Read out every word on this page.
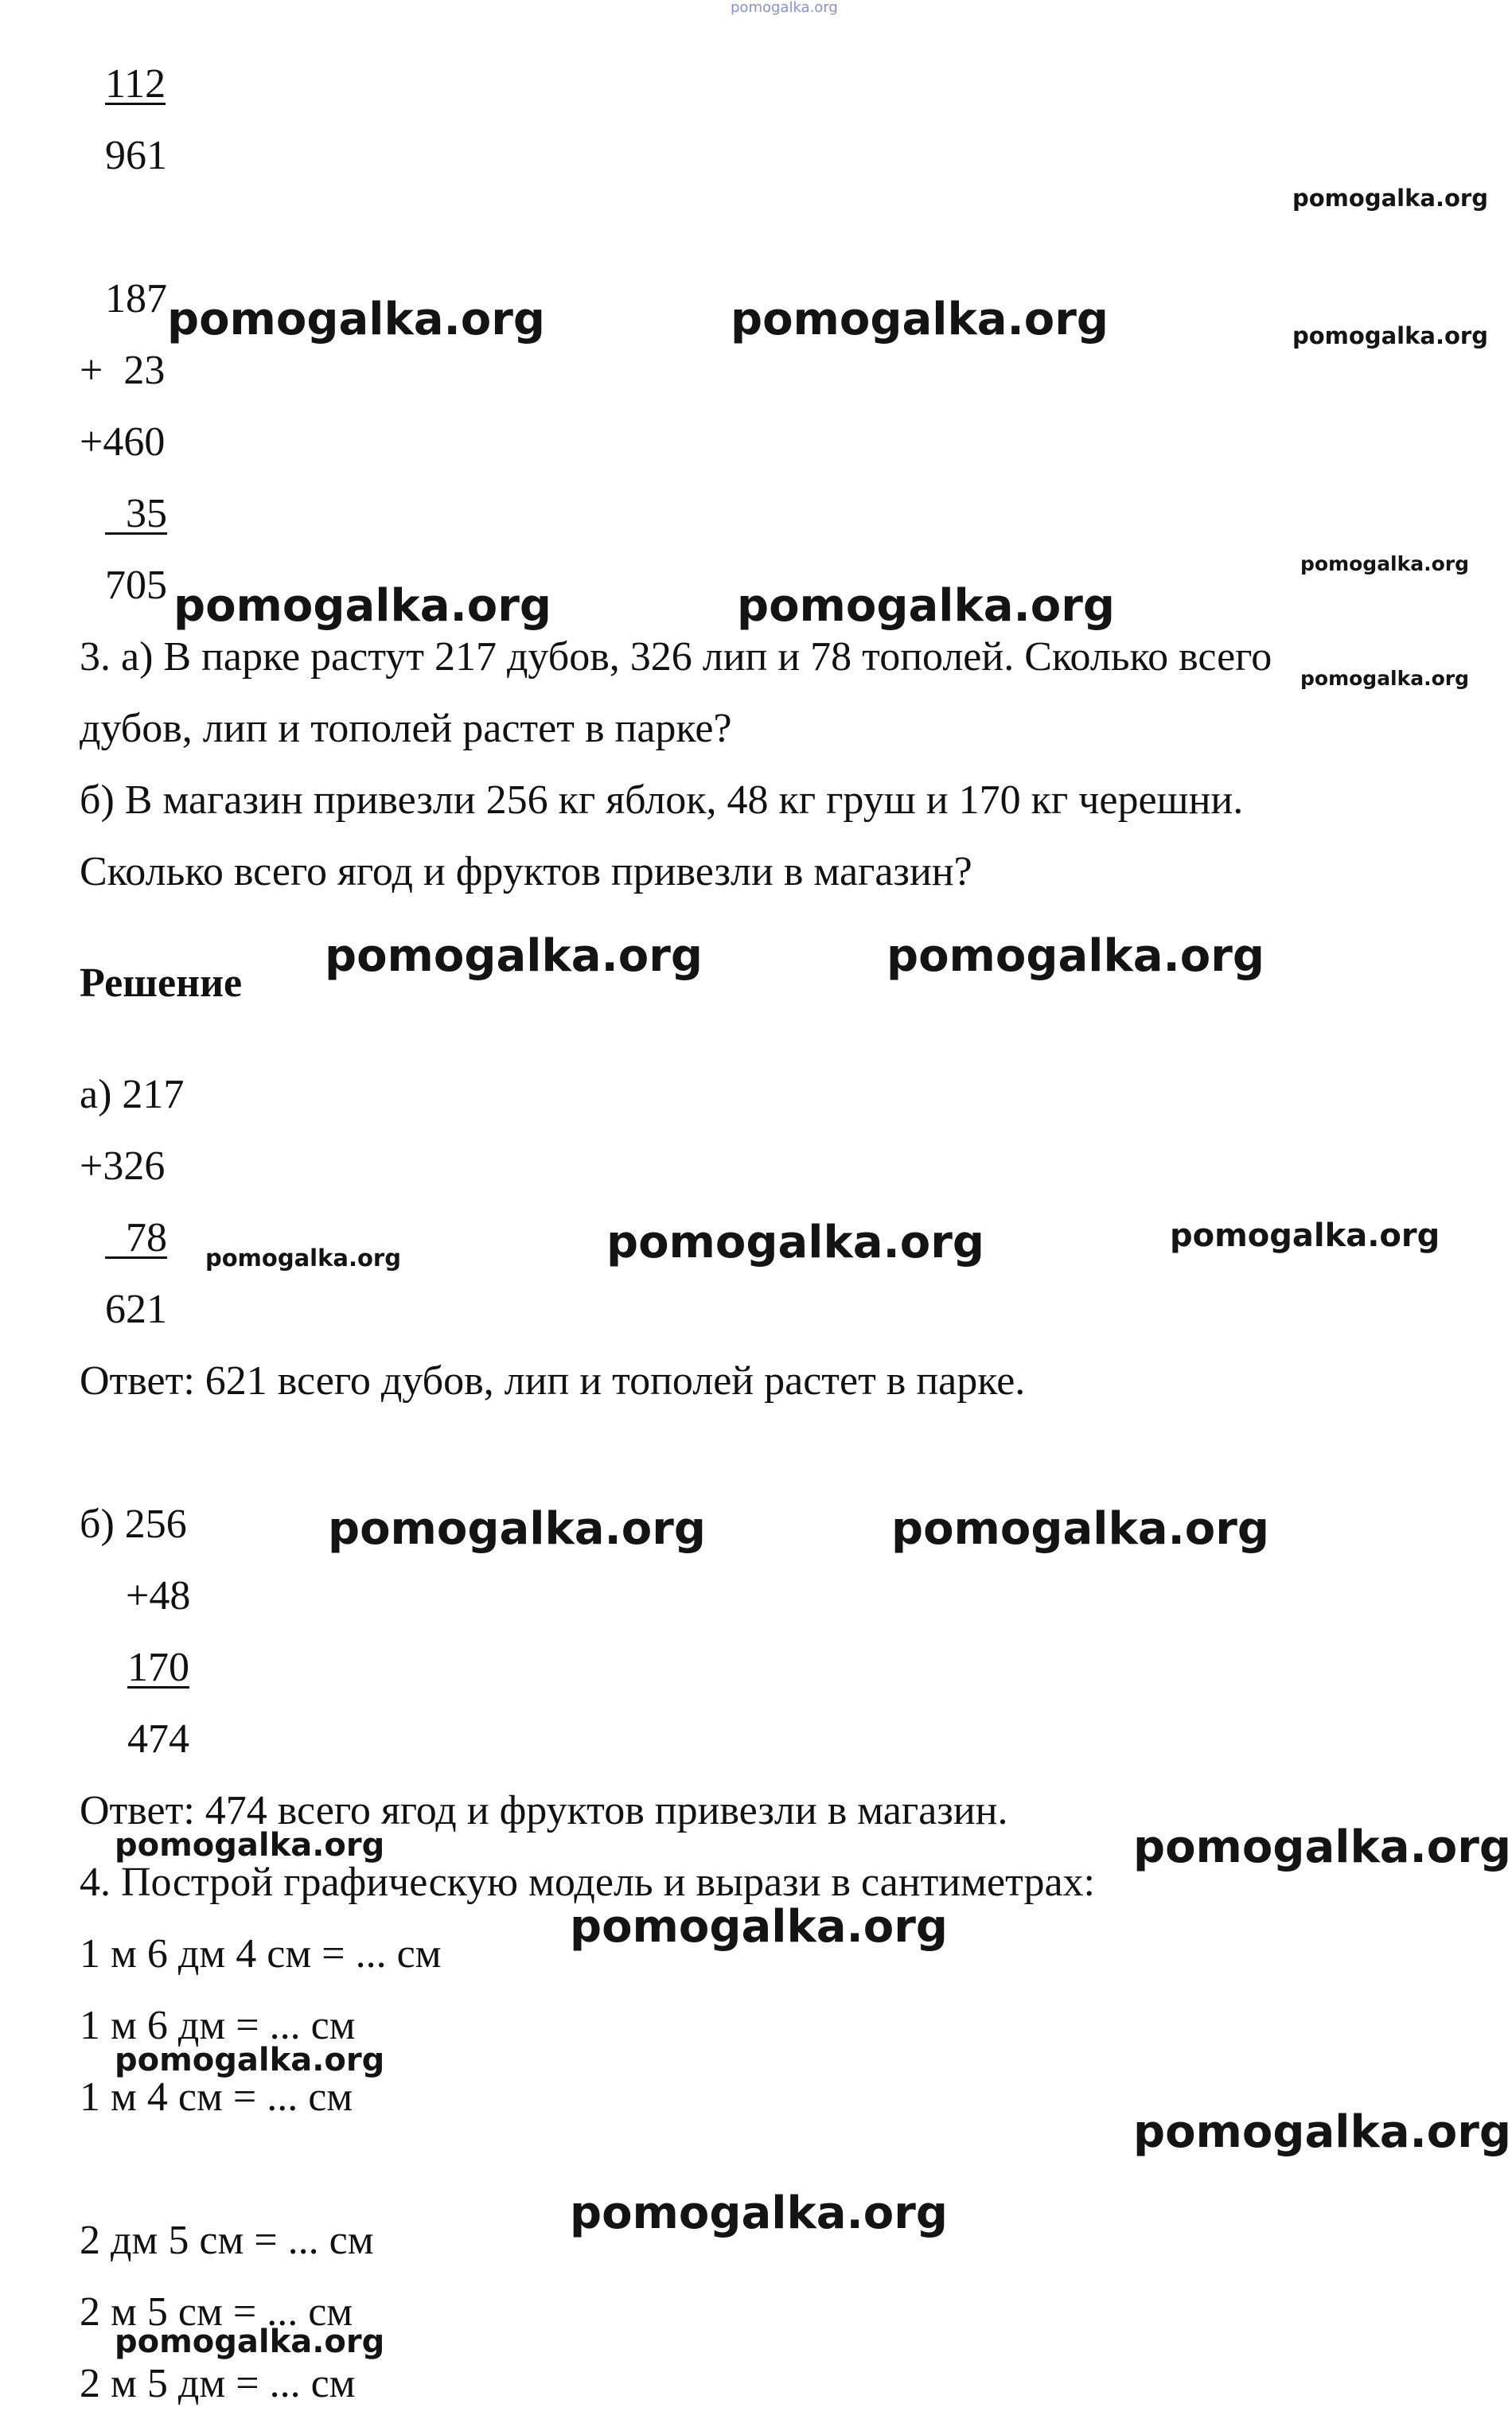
pomogalka.org
112
961
187
+  23
+460
35
705
3. а) В парке растут 217 дубов, 326 лип и 78 тополей. Сколько всего
дубов, лип и тополей растет в парке?
б) В магазин привезли 256 кг яблок, 48 кг груш и 170 кг черешни.
Сколько всего ягод и фруктов привезли в магазин?
Решение
а) 217
+326
78
621
Ответ: 621 всего дубов, лип и тополей растет в парке.
б) 256
+48
170
474
Ответ: 474 всего ягод и фруктов привезли в магазин.
4. Построй графическую модель и вырази в сантиметрах:
1 м 6 дм 4 см = ... см
1 м 6 дм = ... см
1 м 4 см = ... см
2 дм 5 см = ... см
2 м 5 см = ... см
2 м 5 дм = ... см
pomogalka.org
pomogalka.org	pomogalka.org	pomogalka.org
pomogalka.org
pomogalka.org	pomogalka.org
pomogalka.org
pomogalka.org	pomogalka.org
pomogalka.org	pomogalka.org	pomogalka.org
pomogalka.org	pomogalka.org
pomogalka.org	pomogalka.org
pomogalka.org
pomogalka.org
pomogalka.org
pomogalka.org
pomogalka.org
